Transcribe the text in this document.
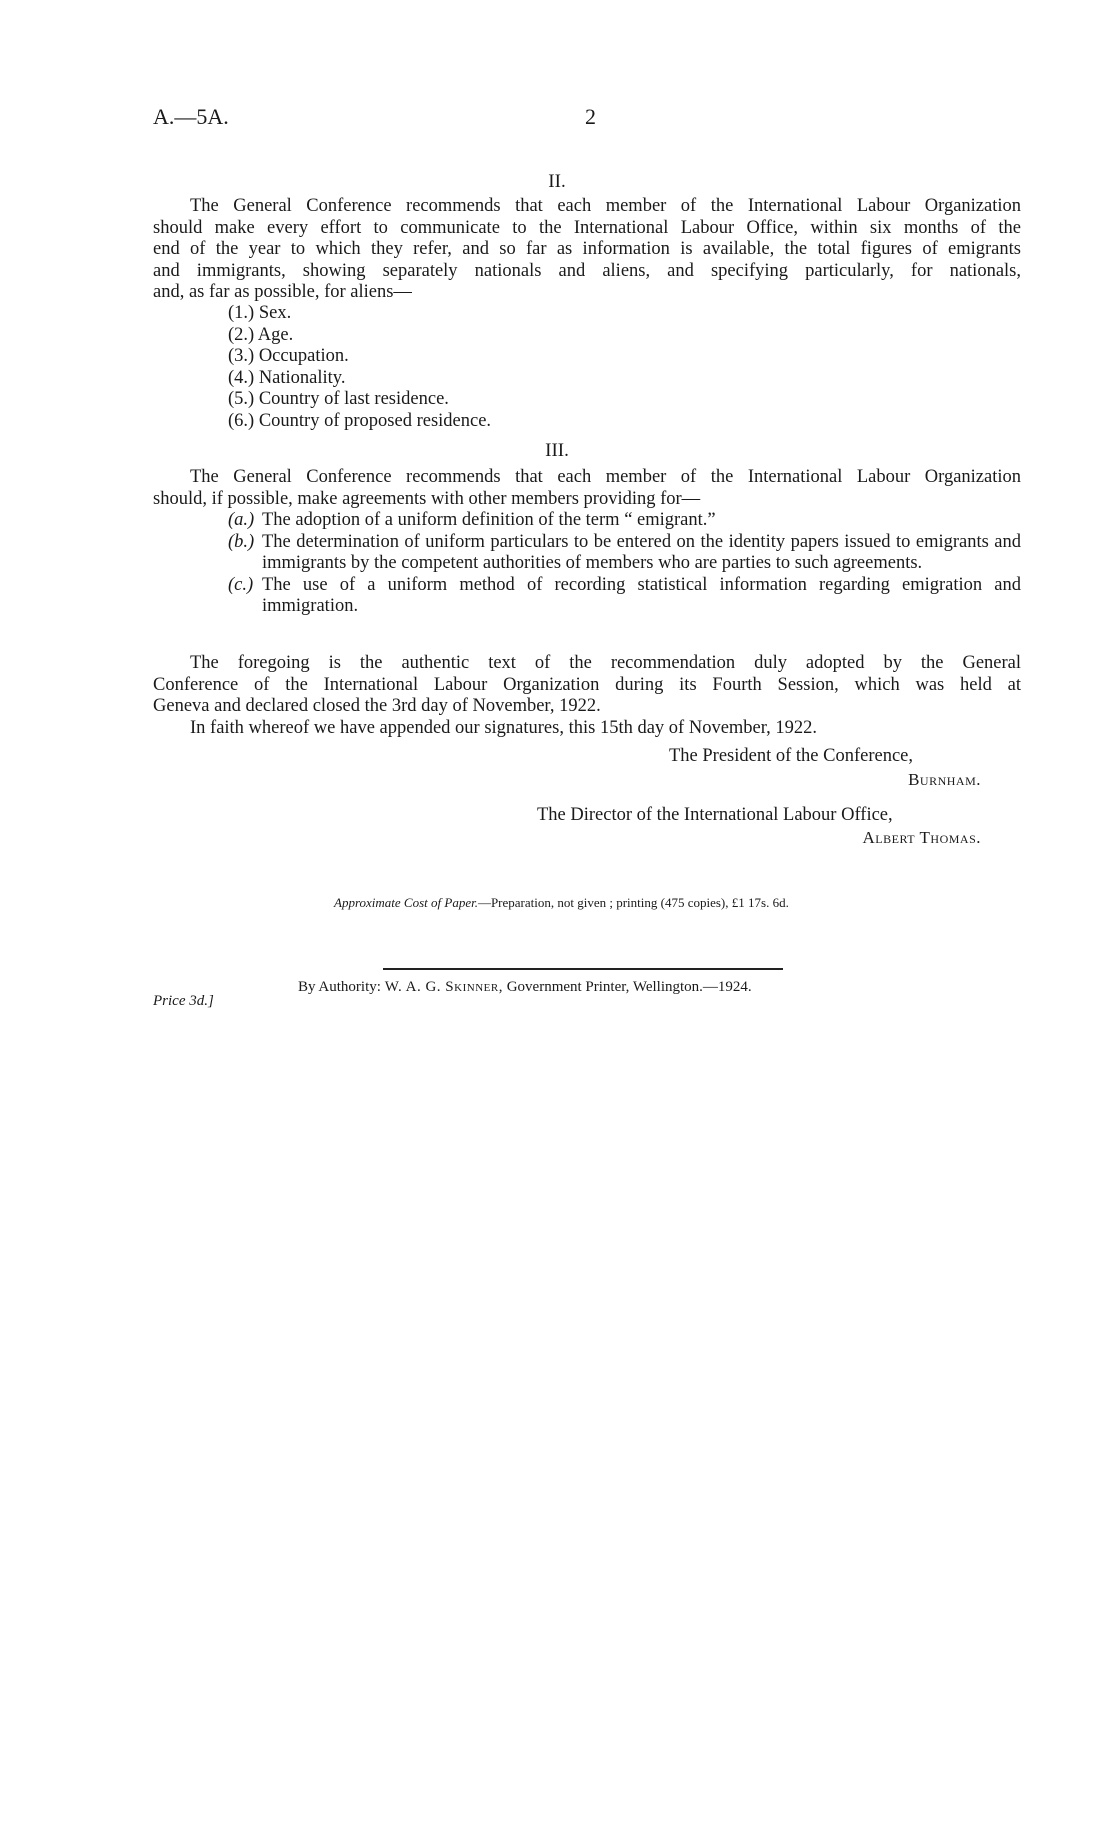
A.—5A.	2
II.
The General Conference recommends that each member of the International Labour Organization
should make every effort to communicate to the International Labour Office, within six months of the
end of the year to which they refer, and so far as information is available, the total figures of emigrants
and immigrants, showing separately nationals and aliens, and specifying particularly, for nationals,
and, as far as possible, for aliens—
(1.) Sex.
(2.) Age.
(3.) Occupation.
(4.) Nationality.
(5.) Country of last residence.
(6.) Country of proposed residence.
III.
The General Conference recommends that each member of the International Labour Organization
should, if possible, make agreements with other members providing for—
(a.) The adoption of a uniform definition of the term “ emigrant.”
(b.) The determination of uniform particulars to be entered on the identity papers issued to emigrants and immigrants by the competent authorities of members who are parties to such agreements.
(c.) The use of a uniform method of recording statistical information regarding emigration and immigration.
The foregoing is the authentic text of the recommendation duly adopted by the General
Conference of the International Labour Organization during its Fourth Session, which was held at
Geneva and declared closed the 3rd day of November, 1922.
In faith whereof we have appended our signatures, this 15th day of November, 1922.
The President of the Conference,
Burnham.
The Director of the International Labour Office,
Albert Thomas.
Approximate Cost of Paper.—Preparation, not given ; printing (475 copies), £1 17s. 6d.
Price 3d.]
By Authority: W. A. G. Skinner, Government Printer, Wellington.—1924.
